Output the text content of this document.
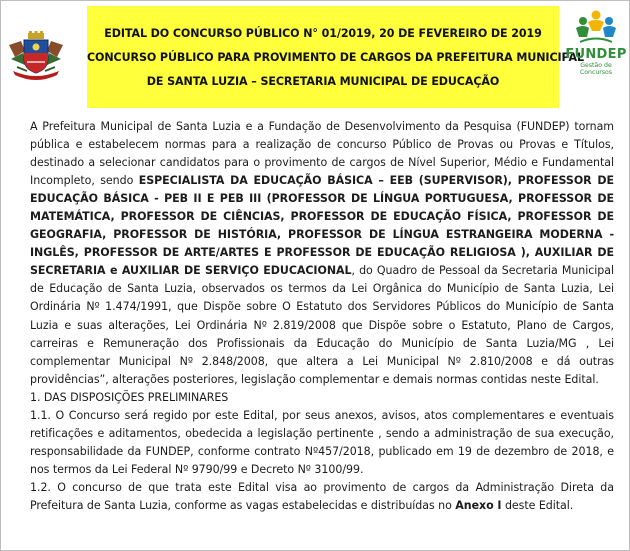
EDITAL DO CONCURSO PÚBLICO N° 01/2019, 20 DE FEVEREIRO DE 2019
CONCURSO PÚBLICO PARA PROVIMENTO DE CARGOS DA PREFEITURA MUNICIPAL
DE SANTA LUZIA – SECRETARIA MUNICIPAL DE EDUCAÇÃO
FUNDEP
Gestão de Concursos

A Prefeitura Municipal de Santa Luzia e a Fundação de Desenvolvimento da Pesquisa (FUNDEP) tornam pública e estabelecem normas para a realização de concurso Público de Provas ou Provas e Títulos, destinado a selecionar candidatos para o provimento de cargos de Nível Superior, Médio e Fundamental Incompleto, sendo ESPECIALISTA DA EDUCAÇÃO BÁSICA – EEB (SUPERVISOR), PROFESSOR DE EDUCAÇÃO BÁSICA - PEB II E PEB III (PROFESSOR DE LÍNGUA PORTUGUESA, PROFESSOR DE MATEMÁTICA, PROFESSOR DE CIÊNCIAS, PROFESSOR DE EDUCAÇÃO FÍSICA, PROFESSOR DE GEOGRAFIA, PROFESSOR DE HISTÓRIA, PROFESSOR DE LÍNGUA ESTRANGEIRA MODERNA - INGLÊS, PROFESSOR DE ARTE/ARTES E PROFESSOR DE EDUCAÇÃO RELIGIOSA ), AUXILIAR DE SECRETARIA e AUXILIAR DE SERVIÇO EDUCACIONAL, do Quadro de Pessoal da Secretaria Municipal de Educação de Santa Luzia, observados os termos da Lei Orgânica do Município de Santa Luzia, Lei Ordinária Nº 1.474/1991, que Dispõe sobre O Estatuto dos Servidores Públicos do Município de Santa Luzia e suas alterações, Lei Ordinária Nº 2.819/2008 que Dispõe sobre o Estatuto, Plano de Cargos, carreiras e Remuneração dos Profissionais da Educação do Município de Santa Luzia/MG , Lei complementar Municipal Nº 2.848/2008, que altera a Lei Municipal Nº 2.810/2008 e dá outras providências”, alterações posteriores, legislação complementar e demais normas contidas neste Edital.

1. DAS DISPOSIÇÕES PRELIMINARES

1.1. O Concurso será regido por este Edital, por seus anexos, avisos, atos complementares e eventuais retificações e aditamentos, obedecida a legislação pertinente , sendo a administração de sua execução, responsabilidade da FUNDEP, conforme contrato Nº457/2018, publicado em 19 de dezembro de 2018, e nos termos da Lei Federal Nº 9790/99 e Decreto Nº 3100/99.

1.2. O concurso de que trata este Edital visa ao provimento de cargos da Administração Direta da Prefeitura de Santa Luzia, conforme as vagas estabelecidas e distribuídas no Anexo I deste Edital.
